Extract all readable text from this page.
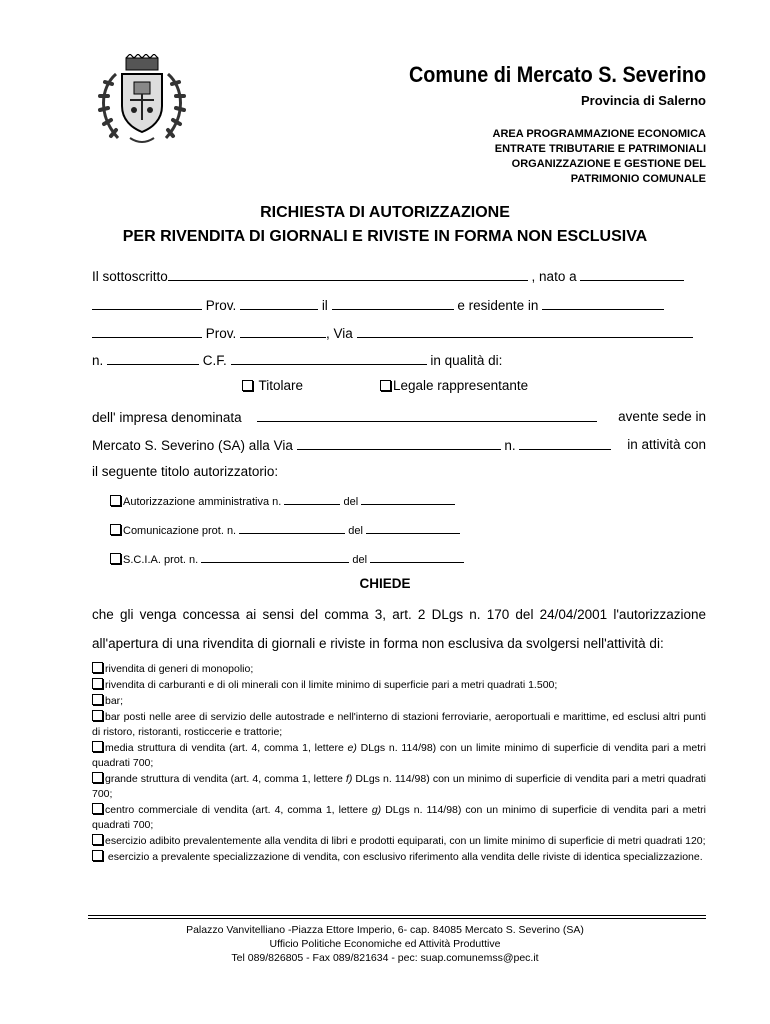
Comune di Mercato S. Severino
Provincia di Salerno
AREA PROGRAMMAZIONE ECONOMICA
ENTRATE TRIBUTARIE E PATRIMONIALI
ORGANIZZAZIONE E GESTIONE DEL
PATRIMONIO COMUNALE
RICHIESTA DI AUTORIZZAZIONE
PER RIVENDITA DI GIORNALI E RIVISTE IN FORMA NON ESCLUSIVA
Il sottoscritto	, nato a
Prov.	il	e residente in
Prov.	, Via
n.	C.F.	in qualità di:
Titolare	Legale rappresentante
dell' impresa denominata	avente sede in
Mercato S. Severino (SA) alla Via	n.	in attività con
il seguente titolo autorizzatorio:
Autorizzazione amministrativa n.	del
Comunicazione prot. n.	del
S.C.I.A. prot. n.	del
CHIEDE
che gli venga concessa ai sensi del comma 3, art. 2 DLgs n. 170 del 24/04/2001 l'autorizzazione
all'apertura di una rivendita di giornali e riviste in forma non esclusiva da svolgersi nell'attività di:

rivendita di generi di monopolio;

rivendita di carburanti e di oli minerali con il limite minimo di superficie pari a metri quadrati 1.500;

bar;

bar posti nelle aree di servizio delle autostrade e nell'interno di stazioni ferroviarie, aeroportuali e marittime, ed esclusi altri punti di ristoro, ristoranti, rosticcerie e trattorie;

media struttura di vendita (art. 4, comma 1, lettere e) DLgs n. 114/98) con un limite minimo di superficie di vendita pari a metri quadrati 700;

grande struttura di vendita (art. 4, comma 1, lettere f) DLgs n. 114/98) con un minimo di superficie di vendita pari a metri quadrati 700;

centro commerciale di vendita (art. 4, comma 1, lettere g) DLgs n. 114/98) con un minimo di superficie di vendita pari a metri quadrati 700;

esercizio adibito prevalentemente alla vendita di libri e prodotti equiparati, con un limite minimo di superficie di metri quadrati 120;

esercizio a prevalente specializzazione di vendita, con esclusivo riferimento alla vendita delle riviste di identica specializzazione.

Palazzo Vanvitelliano -Piazza Ettore Imperio, 6- cap. 84085 Mercato S. Severino (SA)
Ufficio Politiche Economiche ed Attività Produttive
Tel 089/826805 - Fax 089/821634 - pec: suap.comunemss@pec.it
